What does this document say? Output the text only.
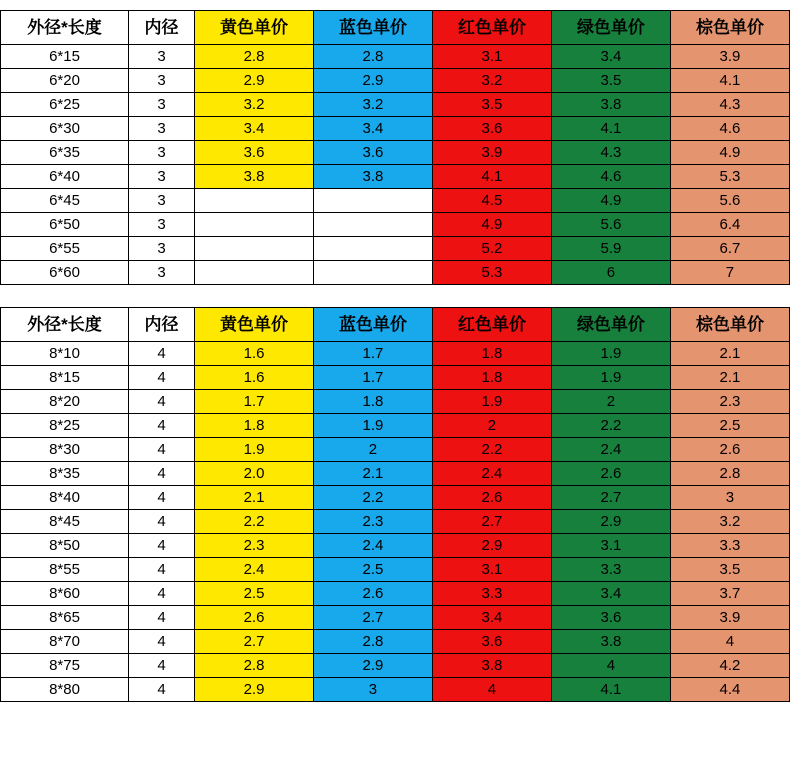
外径*长度	内径	黄色单价	蓝色单价	红色单价	绿色单价	棕色单价
6*15	3	2.8	2.8	3.1	3.4	3.9
6*20	3	2.9	2.9	3.2	3.5	4.1
6*25	3	3.2	3.2	3.5	3.8	4.3
6*30	3	3.4	3.4	3.6	4.1	4.6
6*35	3	3.6	3.6	3.9	4.3	4.9
6*40	3	3.8	3.8	4.1	4.6	5.3
6*45	3			4.5	4.9	5.6
6*50	3			4.9	5.6	6.4
6*55	3			5.2	5.9	6.7
6*60	3			5.3	6	7
外径*长度	内径	黄色单价	蓝色单价	红色单价	绿色单价	棕色单价
8*10	4	1.6	1.7	1.8	1.9	2.1
8*15	4	1.6	1.7	1.8	1.9	2.1
8*20	4	1.7	1.8	1.9	2	2.3
8*25	4	1.8	1.9	2	2.2	2.5
8*30	4	1.9	2	2.2	2.4	2.6
8*35	4	2.0	2.1	2.4	2.6	2.8
8*40	4	2.1	2.2	2.6	2.7	3
8*45	4	2.2	2.3	2.7	2.9	3.2
8*50	4	2.3	2.4	2.9	3.1	3.3
8*55	4	2.4	2.5	3.1	3.3	3.5
8*60	4	2.5	2.6	3.3	3.4	3.7
8*65	4	2.6	2.7	3.4	3.6	3.9
8*70	4	2.7	2.8	3.6	3.8	4
8*75	4	2.8	2.9	3.8	4	4.2
8*80	4	2.9	3	4	4.1	4.4
